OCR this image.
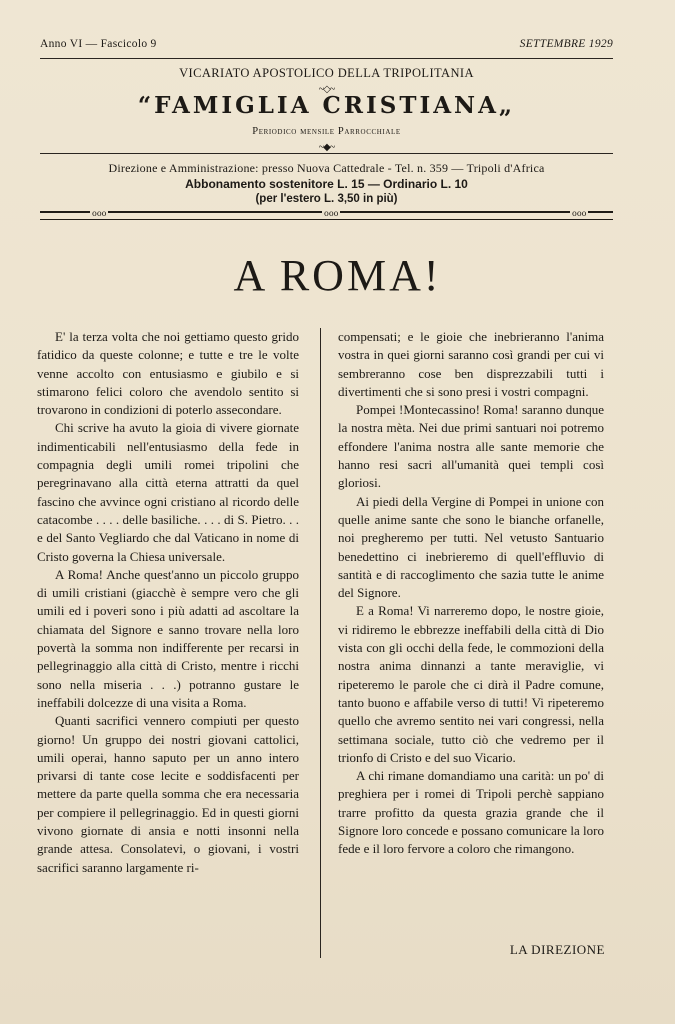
Anno VI — Fascicolo 9	SETTEMBRE 1929
VICARIATO APOSTOLICO DELLA TRIPOLITANIA
~◇~
“FAMIGLIA CRISTIANA„
Periodico mensile Parrocchiale
~◆~
Direzione e Amministrazione: presso Nuova Cattedrale - Tel. n. 359 — Tripoli d'Africa
Abbonamento sostenitore L. 15 — Ordinario L. 10
(per l'estero L. 3,50 in più)
ooo	ooo	ooo
A ROMA!

E' la terza volta che noi gettiamo questo grido fatidico da queste colonne; e tutte e tre le volte venne accolto con entusiasmo e giubilo e si stimarono felici coloro che avendolo sentito si trovarono in condizioni di poterlo assecondare.

Chi scrive ha avuto la gioia di vivere giornate indimenticabili nell'entusiasmo della fede in compagnia degli umili romei tripolini che peregrinavano alla città eterna attratti da quel fascino che avvince ogni cristiano al ricordo delle catacombe . . . . delle basiliche. . . . di S. Pietro. . . e del Santo Vegliardo che dal Vaticano in nome di Cristo governa la Chiesa universale.

A Roma! Anche quest'anno un piccolo gruppo di umili cristiani (giacchè è sempre vero che gli umili ed i poveri sono i più adatti ad ascoltare la chiamata del Signore e sanno trovare nella loro povertà la somma non indifferente per recarsi in pellegrinaggio alla città di Cristo, mentre i ricchi sono nella miseria . . .) potranno gustare le ineffabili dolcezze di una visita a Roma.

Quanti sacrifici vennero compiuti per questo giorno! Un gruppo dei nostri giovani cattolici, umili operai, hanno saputo per un anno intero privarsi di tante cose lecite e soddisfacenti per mettere da parte quella somma che era necessaria per compiere il pellegrinaggio. Ed in questi giorni vivono giornate di ansia e notti insonni nella grande attesa. Consolatevi, o giovani, i vostri sacrifici saranno largamente ri-

compensati; e le gioie che inebrieranno l'anima vostra in quei giorni saranno così grandi per cui vi sembreranno cose ben disprezzabili tutti i divertimenti che si sono presi i vostri compagni.

Pompei !Montecassino! Roma! saranno dunque la nostra mèta. Nei due primi santuari noi potremo effondere l'anima nostra alle sante memorie che hanno resi sacri all'umanità quei templi così gloriosi.

Ai piedi della Vergine di Pompei in unione con quelle anime sante che sono le bianche orfanelle, noi pregheremo per tutti. Nel vetusto Santuario benedettino ci inebrieremo di quell'effluvio di santità e di raccoglimento che sazia tutte le anime del Signore.

E a Roma! Vi narreremo dopo, le nostre gioie, vi ridiremo le ebbrezze ineffabili della città di Dio vista con gli occhi della fede, le commozioni della nostra anima dinnanzi a tante meraviglie, vi ripeteremo le parole che ci dirà il Padre comune, tanto buono e affabile verso di tutti! Vi ripeteremo quello che avremo sentito nei vari congressi, nella settimana sociale, tutto ciò che vedremo per il trionfo di Cristo e del suo Vicario.

A chi rimane domandiamo una carità: un po' di preghiera per i romei di Tripoli perchè sappiano trarre profitto da questa grazia grande che il Signore loro concede e possano comunicare la loro fede e il loro fervore a coloro che rimangono.

LA DIREZIONE
